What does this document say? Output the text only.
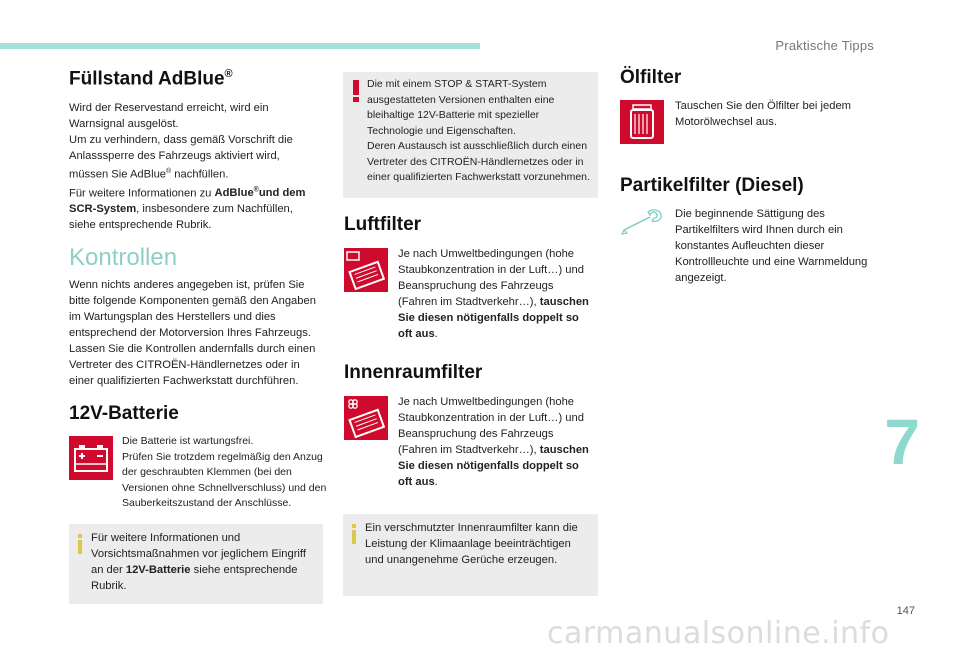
Praktische Tipps
Füllstand AdBlue®

Wird der Reservestand erreicht, wird ein Warnsignal ausgelöst.

Um zu verhindern, dass gemäß Vorschrift die Anlasssperre des Fahrzeugs aktiviert wird, müssen Sie AdBlue® nachfüllen.

Für weitere Informationen zu AdBlue®und dem SCR-System, insbesondere zum Nachfüllen, siehe entsprechende Rubrik.

Kontrollen

Wenn nichts anderes angegeben ist, prüfen Sie bitte folgende Komponenten gemäß den Angaben im Wartungsplan des Herstellers und dies entsprechend der Motorversion Ihres Fahrzeugs.

Lassen Sie die Kontrollen andernfalls durch einen Vertreter des CITROËN-Händlernetzes oder in einer qualifizierten Fachwerkstatt durchführen.

12V-Batterie

Die Batterie ist wartungsfrei.

Prüfen Sie trotzdem regelmäßig den Anzug der geschraubten Klemmen (bei den Versionen ohne Schnellverschluss) und den Sauberkeitszustand der Anschlüsse.

Für weitere Informationen und Vorsichtsmaßnahmen vor jeglichem Eingriff an der 12V-Batterie siehe entsprechende Rubrik.

Die mit einem STOP & START-System ausgestatteten Versionen enthalten eine bleihaltige 12V-Batterie mit spezieller Technologie und Eigenschaften.

Deren Austausch ist ausschließlich durch einen Vertreter des CITROËN-Händlernetzes oder in einer qualifizierten Fachwerkstatt vorzunehmen.

Luftfilter

Je nach Umweltbedingungen (hohe Staubkonzentration in der Luft…) und Beanspruchung des Fahrzeugs (Fahren im Stadtverkehr…), tauschen Sie diesen nötigenfalls doppelt so oft aus.

Innenraumfilter

Je nach Umweltbedingungen (hohe Staubkonzentration in der Luft…) und Beanspruchung des Fahrzeugs (Fahren im Stadtverkehr…), tauschen Sie diesen nötigenfalls doppelt so oft aus.

Ein verschmutzter Innenraumfilter kann die Leistung der Klimaanlage beeinträchtigen und unangenehme Gerüche erzeugen.
Ölfilter
Tauschen Sie den Ölfilter bei jedem Motorölwechsel aus.
Partikelfilter (Diesel)
Die beginnende Sättigung des Partikelfilters wird Ihnen durch ein konstantes Aufleuchten dieser Kontrollleuchte und eine Warnmeldung angezeigt.
7
147
carmanualsonline.info
